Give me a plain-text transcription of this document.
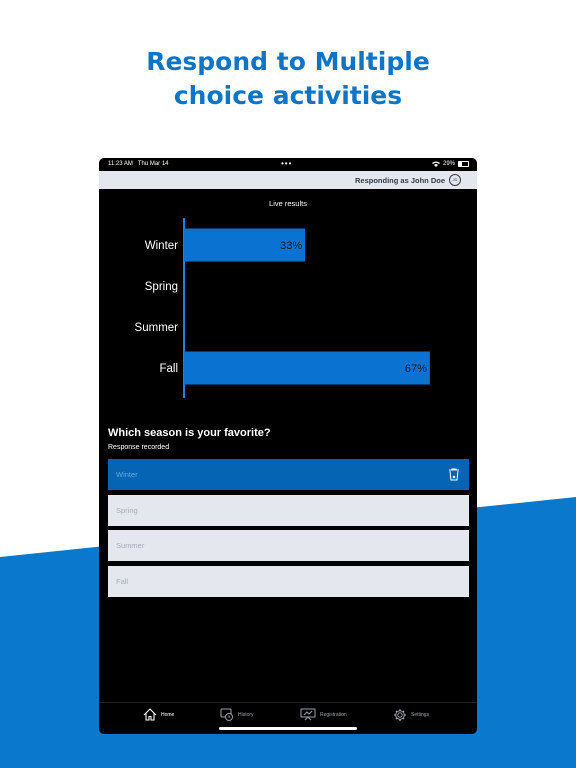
Respond to Multiple
choice activities
11:23 AM Thu Mar 14	•••	29%
Responding as John Doe	JD
Live results
Winter	33%
Spring
Summer
Fall	67%
Which season is your favorite?
Response recorded
Winter
Spring
Summer
Fall
Home	History	Registration	Settings
